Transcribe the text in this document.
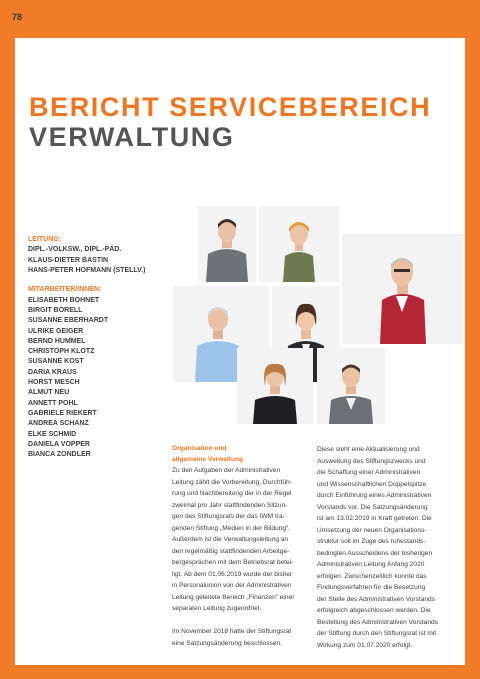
78
BERICHT SERVICEBEREICH
VERWALTUNG
LEITUNG:
DIPL.-VOLKSW., DIPL.-PÄD.
KLAUS-DIETER BASTIN
HANS-PETER HOFMANN (STELLV.)
MITARBEITER/INNEN:
ELISABETH BOHNET
BIRGIT BORELL
SUSANNE EBERHARDT
ULRIKE GEIGER
BERND HUMMEL
CHRISTOPH KLOTZ
SUSANNE KOST
DARIA KRAUS
HORST MESCH
ALMUT NEU
ANNETT POHL
GABRIELE RIEKERT
ANDREA SCHANZ
ELKE SCHMID
DANIELA VOPPER
BIANCA ZONDLER
Organisation und
allgemeine Verwaltung
Zu den Aufgaben der Administrativen
Leitung zählt die Vorbereitung, Durchfüh-
rung und Nachbereitung der in der Regel
zweimal pro Jahr stattfindenden Sitzun-
gen des Stiftungsrats der das IWM tra-
genden Stiftung „Medien in der Bildung“.
Außerdem ist die Verwaltungsleitung an
den regelmäßig stattfindenden Arbeitge-
bergesprächen mit dem Betriebsrat betei-
ligt. Ab dem 01.06.2019 wurde der bisher
in Personalunion von der Administrativen
Leitung geleitete Bereich „Finanzen“ einer
separaten Leitung zugeordnet.
Im November 2018 hatte der Stiftungsrat
eine Satzungsänderung beschlossen.
Diese sieht eine Aktualisierung und
Ausweitung des Stiftungszwecks und
die Schaffung einer Administrativen
und Wissenschaftlichen Doppelspitze
durch Einführung eines Administrativen
Vorstands vor. Die Satzungsänderung
ist am 13.02.2019 in Kraft getreten. Die
Umsetzung der neuen Organisations-
struktur soll im Zuge des ruhestands-
bedingten Ausscheidens der bisherigen
Administrativen Leitung Anfang 2020
erfolgen. Zwischenzeitlich konnte das
Findungsverfahren für die Besetzung
der Stelle des Administrativen Vorstands
erfolgreich abgeschlossen werden. Die
Bestellung des Administrativen Vorstands
der Stiftung durch den Stiftungsrat ist mit
Wirkung zum 01.07.2020 erfolgt.
